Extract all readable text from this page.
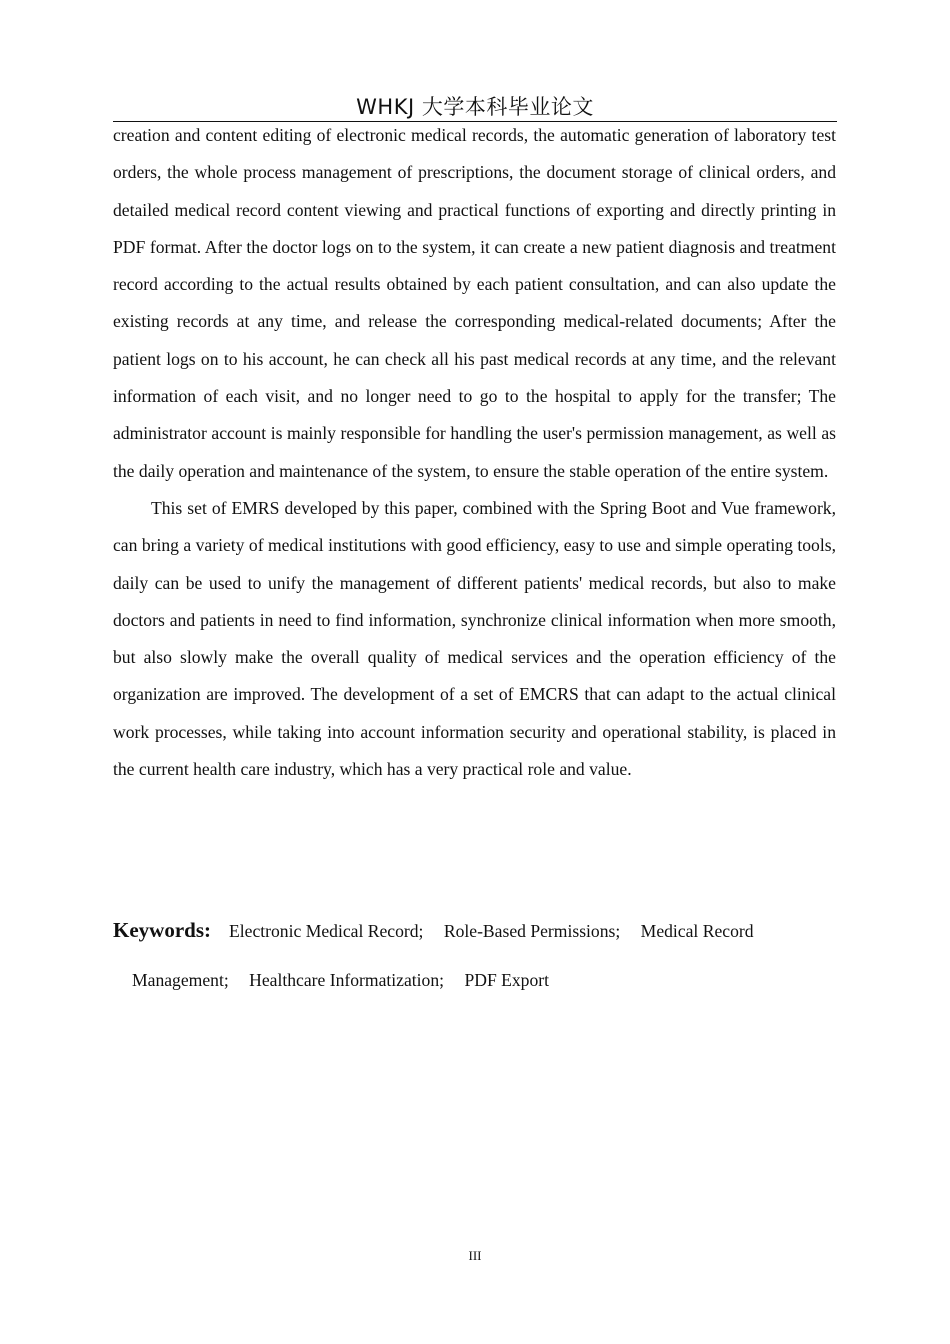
WHKJ 大学本科毕业论文

creation and content editing of electronic medical records, the automatic generation of laboratory test orders, the whole process management of prescriptions, the document storage of clinical orders, and detailed medical record content viewing and practical functions of exporting and directly printing in PDF format. After the doctor logs on to the system, it can create a new patient diagnosis and treatment record according to the actual results obtained by each patient consultation, and can also update the existing records at any time, and release the corresponding medical-related documents; After the patient logs on to his account, he can check all his past medical records at any time, and the relevant information of each visit, and no longer need to go to the hospital to apply for the transfer; The administrator account is mainly responsible for handling the user's permission management, as well as the daily operation and maintenance of the system, to ensure the stable operation of the entire system.

This set of EMRS developed by this paper, combined with the Spring Boot and Vue framework, can bring a variety of medical institutions with good efficiency, easy to use and simple operating tools, daily can be used to unify the management of different patients' medical records, but also to make doctors and patients in need to find information, synchronize clinical information when more smooth, but also slowly make the overall quality of medical services and the operation efficiency of the organization are improved. The development of a set of EMCRS that can adapt to the actual clinical work processes, while taking into account information security and operational stability, is placed in the current health care industry, which has a very practical role and value.

Keywords: Electronic Medical Record; Role-Based Permissions; Medical Record
Management; Healthcare Informatization; PDF Export
III
